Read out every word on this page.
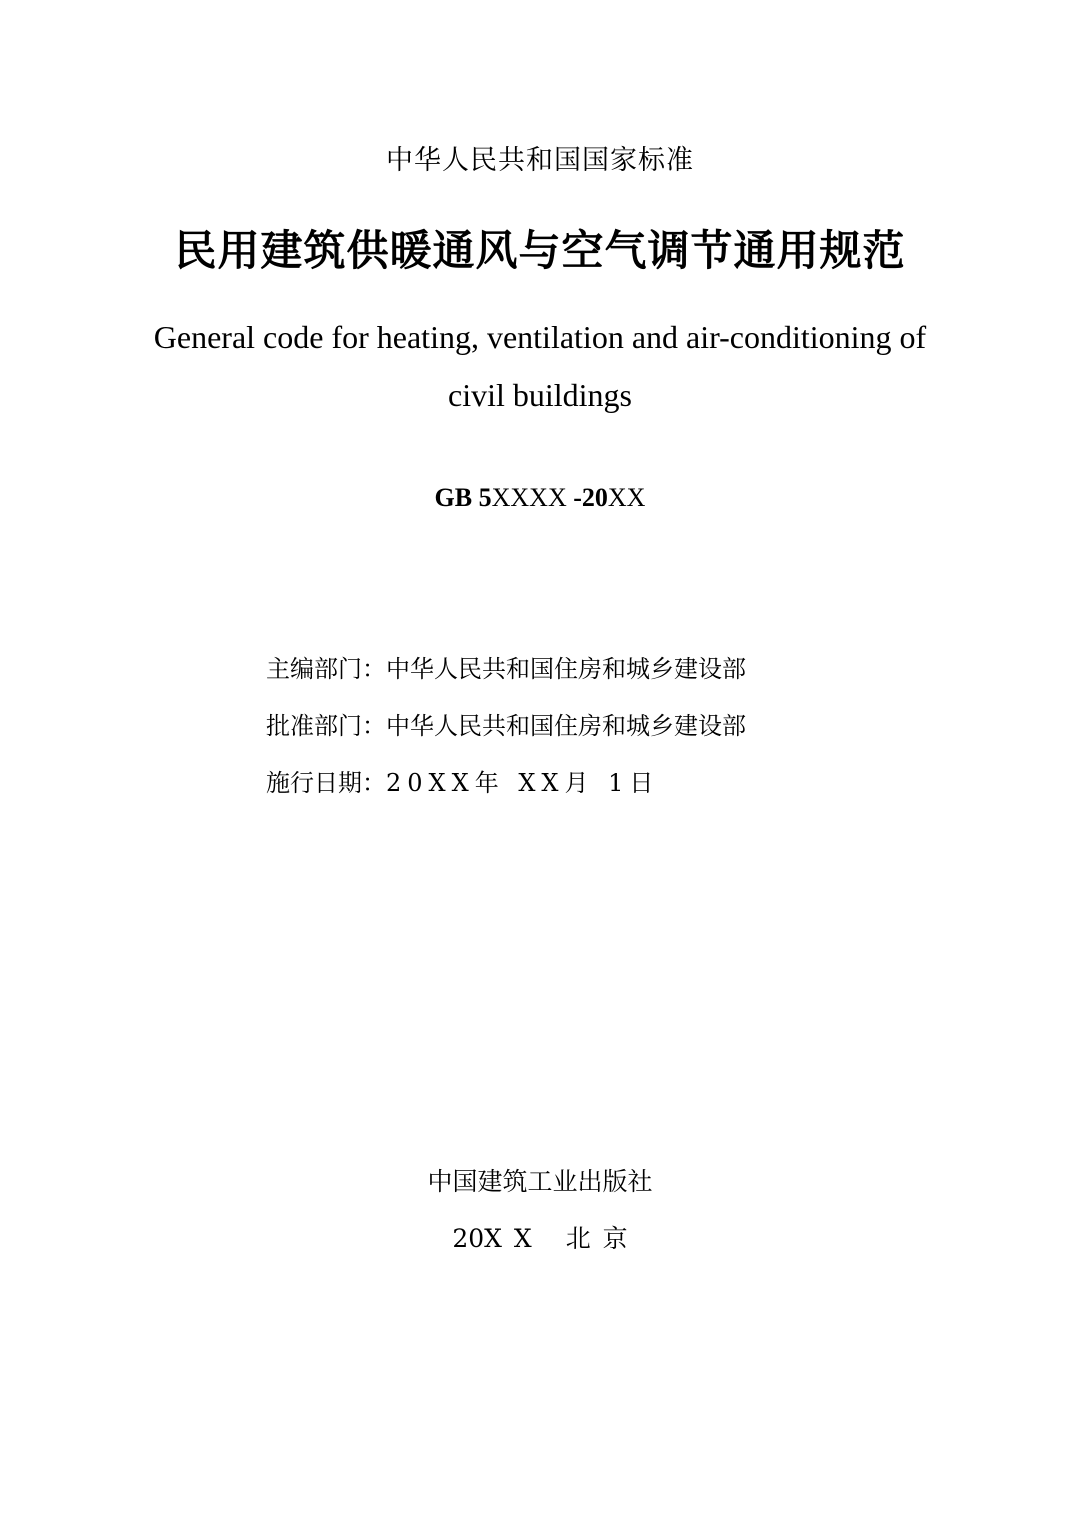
中华人民共和国国家标准
民用建筑供暖通风与空气调节通用规范
General code for heating, ventilation and air-conditioning of civil buildings
GB 5XXXX -20XX
主编部门：中华人民共和国住房和城乡建设部
批准部门：中华人民共和国住房和城乡建设部
施行日期：20XX年 XX月 1日
中国建筑工业出版社
20X X 北 京
